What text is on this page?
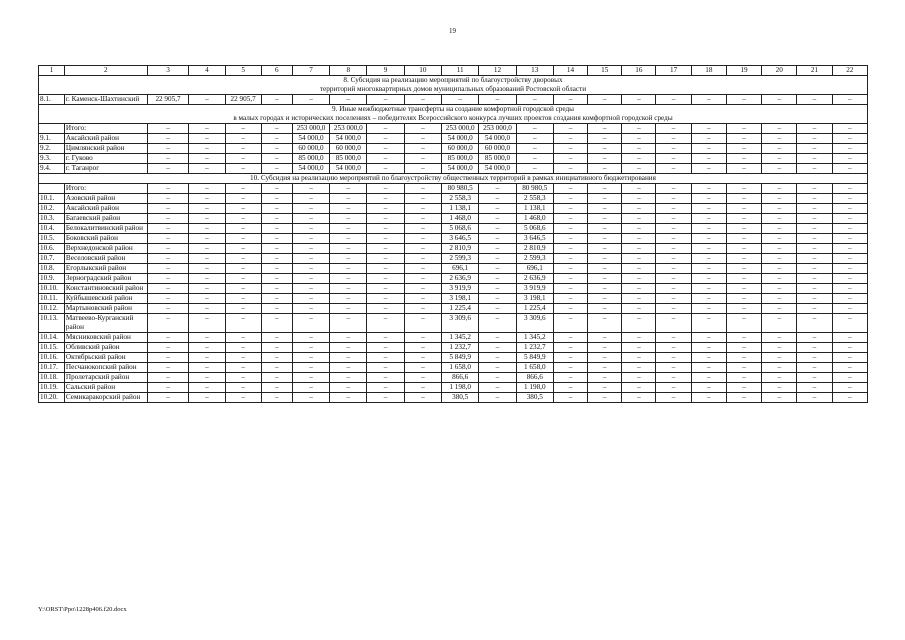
19
1	2	3	4	5	6	7	8	9	10	11	12	13	14	15	16	17	18	19	20	21	22

8. Субсидия на реализацию мероприятий по благоустройству дворовых
территорий многоквартирных домов муниципальных образований Ростовской области																					

8.1.	г. Каменск-Шахтинский	22 905,7	–	22 905,7	–	–	–	–	–	–	–	–	–	–	–	–	–	–	–	–	–

9. Иные межбюджетные трансферты на создание комфортной городской среды
в малых городах и исторических поселениях – победителях Всероссийского конкурса лучших проектов создания комфортной городской среды																					

	Итого:	–	–	–	–	253 000,0	253 000,0	–	–	253 000,0	253 000,0	–	–	–	–	–	–	–	–	–	–
9.1.	Аксайский район	–	–	–	–	54 000,0	54 000,0	–	–	54 000,0	54 000,0	–	–	–	–	–	–	–	–	–	–
9.2.	Цимлянский район	–	–	–	–	60 000,0	60 000,0	–	–	60 000,0	60 000,0	–	–	–	–	–	–	–	–	–	–
9.3.	г. Гуково	–	–	–	–	85 000,0	85 000,0	–	–	85 000,0	85 000,0	–	–	–	–	–	–	–	–	–	–
9.4.	г. Таганрог	–	–	–	–	54 000,0	54 000,0	–	–	54 000,0	54 000,0	–	–	–	–	–	–	–	–	–	–

10. Субсидия на реализацию мероприятий по благоустройству общественных территорий в рамках инициативного бюджетирования																					

	Итого:	–	–	–	–	–	–	–	–	80 980,5	–	80 980,5	–	–	–	–	–	–	–	–	–
10.1.	Азовский район	–	–	–	–	–	–	–	–	2 558,3	–	2 558,3	–	–	–	–	–	–	–	–	–
10.2.	Аксайский район	–	–	–	–	–	–	–	–	1 138,1	–	1 138,1	–	–	–	–	–	–	–	–	–
10.3.	Багаевский район	–	–	–	–	–	–	–	–	1 468,0	–	1 468,0	–	–	–	–	–	–	–	–	–
10.4.	Белокалитвинский район	–	–	–	–	–	–	–	–	5 068,6	–	5 068,6	–	–	–	–	–	–	–	–	–
10.5.	Боковский район	–	–	–	–	–	–	–	–	3 646,5	–	3 646,5	–	–	–	–	–	–	–	–	–
10.6.	Верхнедонской район	–	–	–	–	–	–	–	–	2 810,9	–	2 810,9	–	–	–	–	–	–	–	–	–
10.7.	Веселовский район	–	–	–	–	–	–	–	–	2 599,3	–	2 599,3	–	–	–	–	–	–	–	–	–
10.8.	Егорлыкский район	–	–	–	–	–	–	–	–	696,1	–	696,1	–	–	–	–	–	–	–	–	–
10.9.	Зерноградский район	–	–	–	–	–	–	–	–	2 636,9	–	2 636,9	–	–	–	–	–	–	–	–	–
10.10.	Константиновский район	–	–	–	–	–	–	–	–	3 919,9	–	3 919,9	–	–	–	–	–	–	–	–	–
10.11.	Куйбышевский район	–	–	–	–	–	–	–	–	3 198,1	–	3 198,1	–	–	–	–	–	–	–	–	–
10.12.	Мартыновский район	–	–	–	–	–	–	–	–	1 225,4	–	1 225,4	–	–	–	–	–	–	–	–	–
10.13.	Матвеево-Курганский район	–	–	–	–	–	–	–	–	3 309,6	–	3 309,6	–	–	–	–	–	–	–	–	–
10.14.	Мясниковский район	–	–	–	–	–	–	–	–	1 345,2	–	1 345,2	–	–	–	–	–	–	–	–	–
10.15.	Обливский район	–	–	–	–	–	–	–	–	1 232,7	–	1 232,7	–	–	–	–	–	–	–	–	–
10.16.	Октябрьский район	–	–	–	–	–	–	–	–	5 849,9	–	5 849,9	–	–	–	–	–	–	–	–	–
10.17.	Песчанокопский район	–	–	–	–	–	–	–	–	1 658,0	–	1 658,0	–	–	–	–	–	–	–	–	–
10.18.	Пролетарский район	–	–	–	–	–	–	–	–	866,6	–	866,6	–	–	–	–	–	–	–	–	–
10.19.	Сальский район	–	–	–	–	–	–	–	–	1 198,0	–	1 198,0	–	–	–	–	–	–	–	–	–
10.20.	Семикаракорский район	–	–	–	–	–	–	–	–	380,5	–	380,5	–	–	–	–	–	–	–	–	–
Y:\ORST\Ppo\1228p406.f20.docx
